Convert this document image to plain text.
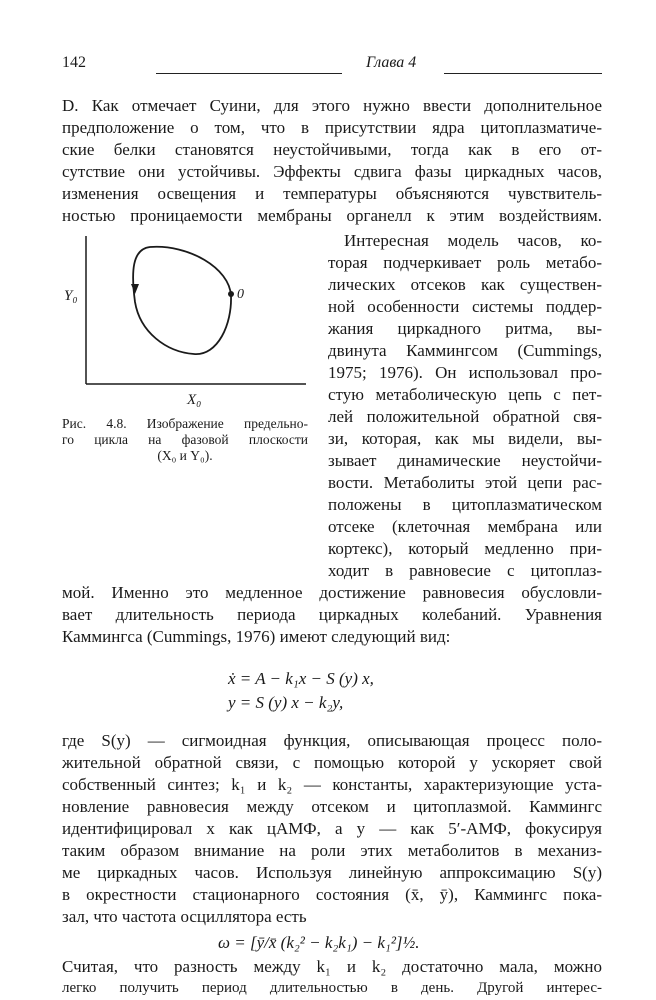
142	Глава 4
D. Как отмечает Суини, для этого нужно ввести дополнительное
предположение о том, что в присутствии ядра цитоплазматиче-
ские белки становятся неустойчивыми, тогда как в его от-
сутствие они устойчивы. Эффекты сдвига фазы циркадных часов,
изменения освещения и температуры объясняются чувствитель-
ностью проницаемости мембраны органелл к этим воздействиям.
Y₀
X₀
0
Рис. 4.8. Изображение предельно-
го цикла на фазовой плоскости
(X₀ и Y₀).
Интересная модель часов, ко-
торая подчеркивает роль метабо-
лических отсеков как существен-
ной особенности системы поддер-
жания циркадного ритма, вы-
двинута Каммингсом (Cummings,
1975; 1976). Он использовал про-
стую метаболическую цепь с пет-
лей положительной обратной свя-
зи, которая, как мы видели, вы-
зывает динамические неустойчи-
вости. Метаболиты этой цепи рас-
положены в цитоплазматическом
отсеке (клеточная мембрана или
кортекс), который медленно при-
ходит в равновесие с цитоплаз-
мой. Именно это медленное достижение равновесия обусловли-
вает длительность периода циркадных колебаний. Уравнения
Каммингса (Cummings, 1976) имеют следующий вид:
ẋ = A − k₁x − S (y) x,
y = S (y) x − k₂y,
где S(y) — сигмоидная функция, описывающая процесс поло-
жительной обратной связи, с помощью которой y ускоряет свой
собственный синтез; k₁ и k₂ — константы, характеризующие уста-
новление равновесия между отсеком и цитоплазмой. Каммингс
идентифицировал x как цАМФ, а y — как 5′-АМФ, фокусируя
таким образом внимание на роли этих метаболитов в механиз-
ме циркадных часов. Используя линейную аппроксимацию S(y)
в окрестности стационарного состояния (x̄, ȳ), Каммингс пока-
зал, что частота осциллятора есть
ω = [ȳ/x̄ (k₂² − k₂k₁) − k₁²]½.
Считая, что разность между k₁ и k₂ достаточно мала, можно
легко получить период длительностью в день. Другой интерес-
ной особенностью этого осциллятора является очень малая ско- рость, с которой увеличивается его амплитуда, когда траектории
